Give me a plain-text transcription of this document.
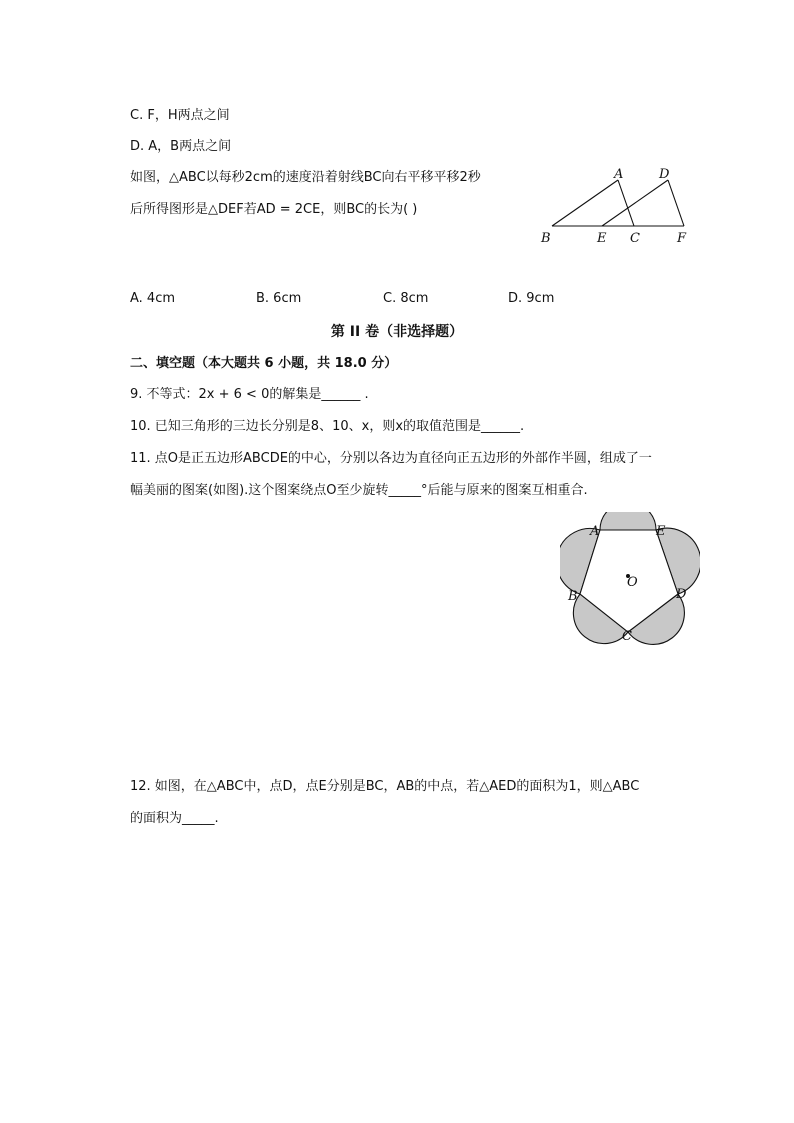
C. F，H两点之间
D. A，B两点之间
如图，△ABC以每秒2cm的速度沿着射线BC向右平移平移2秒
后所得图形是△DEF若AD = 2CE，则BC的长为( )
A	D
B	E C	F
A. 4cm	B. 6cm	C. 8cm	D. 9cm
第 II 卷（非选择题）
二、填空题（本大题共 6 小题，共 18.0 分）
9. 不等式：2x + 6 < 0的解集是______ .
10. 已知三角形的三边长分别是8、10、x，则x的取值范围是______.
11. 点O是正五边形ABCDE的中心，分别以各边为直径向正五边形的外部作半圆，组成了一
幅美丽的图案(如图).这个图案绕点O至少旋转_____°后能与原来的图案互相重合.
A	E
B	D
C
O
12. 如图，在△ABC中，点D，点E分别是BC，AB的中点，若△AED的面积为1，则△ABC
的面积为_____.
